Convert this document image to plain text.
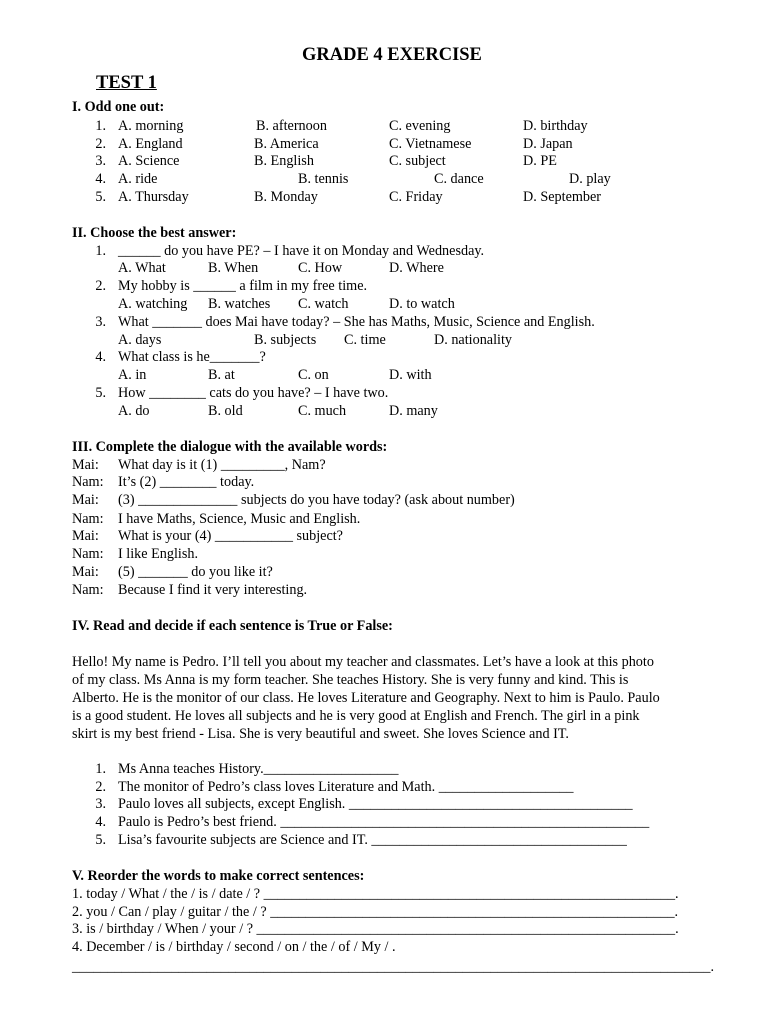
GRADE 4 EXERCISE
TEST 1
I. Odd one out:
1. A. morning	B. afternoon	C. evening	D. birthday
2. A. England	B. America	C. Vietnamese	D. Japan
3. A. Science	B. English	C. subject	D. PE
4. A. ride	B. tennis	C. dance	D. play
5. A. Thursday	B. Monday	C. Friday	D. September
II. Choose the best answer:
1. ______ do you have PE? – I have it on Monday and Wednesday.
A. What	B. When	C. How	D. Where
2. My hobby is ______ a film in my free time.
A. watching B. watches C. watch	D. to watch
3. What _______ does Mai have today? – She has Maths, Music, Science and English.
A. days	B. subjects C. time	D. nationality
4. What class is he_______?
A. in	B. at	C. on	D. with
5. How ________ cats do you have? – I have two.
A. do	B. old	C. much	D. many
III. Complete the dialogue with the available words:
Mai: What day is it (1) _________, Nam?
Nam: It’s (2) ________ today.
Mai: (3) ______________ subjects do you have today? (ask about number)
Nam: I have Maths, Science, Music and English.
Mai: What is your (4) ___________ subject?
Nam: I like English.
Mai: (5) _______ do you like it?
Nam: Because I find it very interesting.
IV. Read and decide if each sentence is True or False:
Hello! My name is Pedro. I’ll tell you about my teacher and classmates. Let’s have a look at this photo
of my class. Ms Anna is my form teacher. She teaches History. She is very funny and kind. This is
Alberto. He is the monitor of our class. He loves Literature and Geography. Next to him is Paulo. Paulo
is a good student. He loves all subjects and he is very good at English and French. The girl in a pink
skirt is my best friend - Lisa. She is very beautiful and sweet. She loves Science and IT.
1. Ms Anna teaches History.___________________
2. The monitor of Pedro’s class loves Literature and Math. ___________________
3. Paulo loves all subjects, except English. ________________________________________
4. Paulo is Pedro’s best friend. ____________________________________________________
5. Lisa’s favourite subjects are Science and IT. ____________________________________
V. Reorder the words to make correct sentences:
1. today / What / the / is / date / ? __________________________________________________________.
2. you / Can / play / guitar / the / ? _________________________________________________________.
3. is / birthday / When / your / ? ___________________________________________________________.
4. December / is / birthday / second / on / the / of / My / .
__________________________________________________________________________________________.
